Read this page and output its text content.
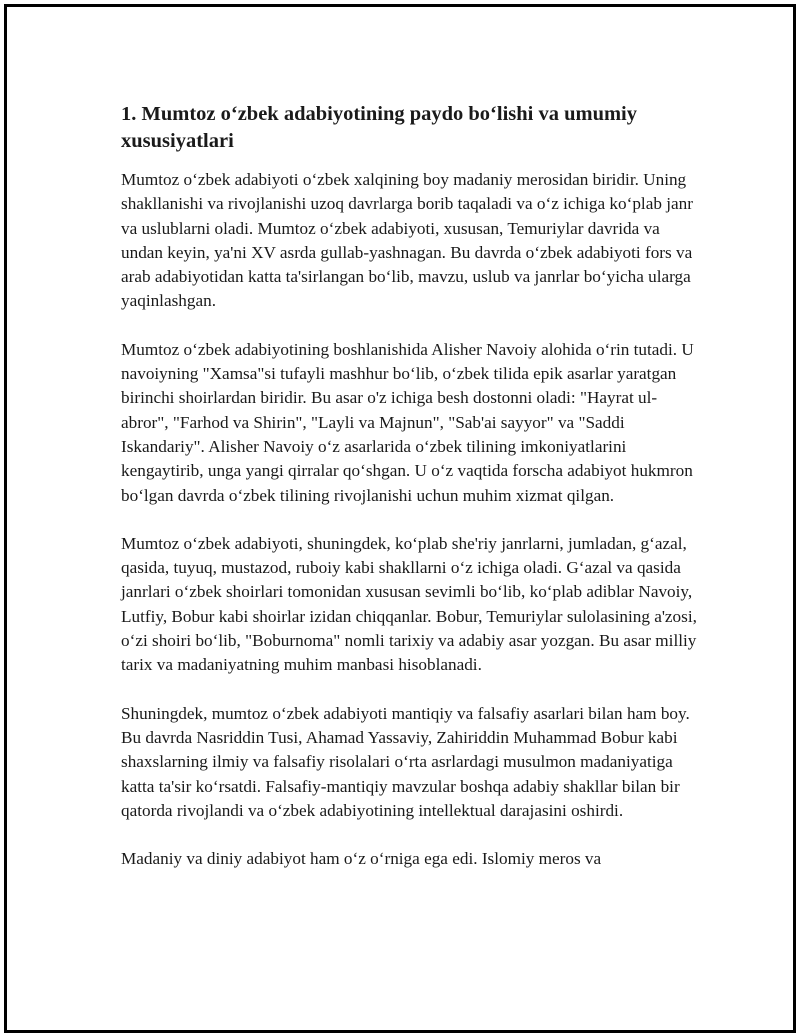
1. Mumtoz o‘zbek adabiyotining paydo bo‘lishi va umumiy xususiyatlari

Mumtoz o‘zbek adabiyoti o‘zbek xalqining boy madaniy merosidan biridir. Uning shakllanishi va rivojlanishi uzoq davrlarga borib taqaladi va o‘z ichiga ko‘plab janr va uslublarni oladi. Mumtoz o‘zbek adabiyoti, xususan, Temuriylar davrida va undan keyin, ya'ni XV asrda gullab-yashnagan. Bu davrda o‘zbek adabiyoti fors va arab adabiyotidan katta ta'sirlangan bo‘lib, mavzu, uslub va janrlar bo‘yicha ularga yaqinlashgan.

Mumtoz o‘zbek adabiyotining boshlanishida Alisher Navoiy alohida o‘rin tutadi. U navoiyning "Xamsa"si tufayli mashhur bo‘lib, o‘zbek tilida epik asarlar yaratgan birinchi shoirlardan biridir. Bu asar o'z ichiga besh dostonni oladi: "Hayrat ul-abror", "Farhod va Shirin", "Layli va Majnun", "Sab'ai sayyor" va "Saddi Iskandariy". Alisher Navoiy o‘z asarlarida o‘zbek tilining imkoniyatlarini kengaytirib, unga yangi qirralar qo‘shgan. U o‘z vaqtida forscha adabiyot hukmron bo‘lgan davrda o‘zbek tilining rivojlanishi uchun muhim xizmat qilgan.

Mumtoz o‘zbek adabiyoti, shuningdek, ko‘plab she'riy janrlarni, jumladan, g‘azal, qasida, tuyuq, mustazod, ruboiy kabi shakllarni o‘z ichiga oladi. G‘azal va qasida janrlari o‘zbek shoirlari tomonidan xususan sevimli bo‘lib, ko‘plab adiblar Navoiy, Lutfiy, Bobur kabi shoirlar izidan chiqqanlar. Bobur, Temuriylar sulolasining a'zosi, o‘zi shoiri bo‘lib, "Boburnoma" nomli tarixiy va adabiy asar yozgan. Bu asar milliy tarix va madaniyatning muhim manbasi hisoblanadi.

Shuningdek, mumtoz o‘zbek adabiyoti mantiqiy va falsafiy asarlari bilan ham boy. Bu davrda Nasriddin Tusi, Ahamad Yassaviy, Zahiriddin Muhammad Bobur kabi shaxslarning ilmiy va falsafiy risolalari o‘rta asrlardagi musulmon madaniyatiga katta ta'sir ko‘rsatdi. Falsafiy-mantiqiy mavzular boshqa adabiy shakllar bilan bir qatorda rivojlandi va o‘zbek adabiyotining intellektual darajasini oshirdi.

Madaniy va diniy adabiyot ham o‘z o‘rniga ega edi. Islomiy meros va
